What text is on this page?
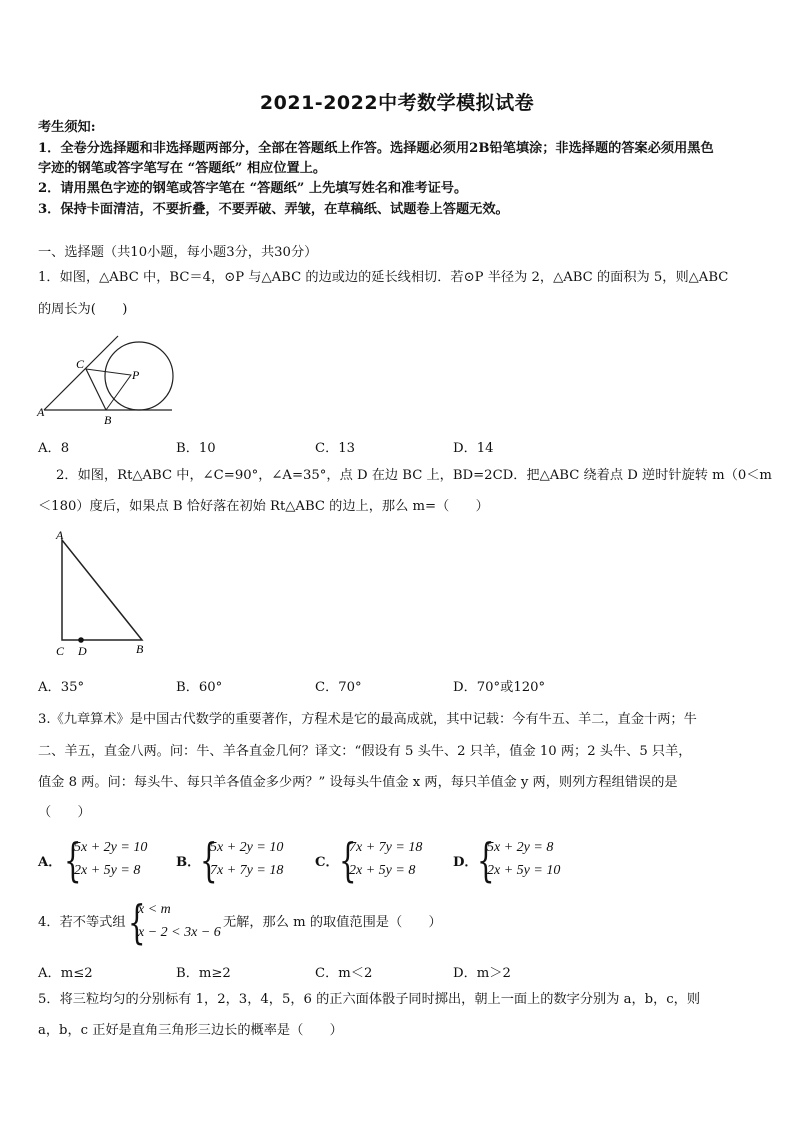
2021-2022中考数学模拟试卷
考生须知:
1．全卷分选择题和非选择题两部分，全部在答题纸上作答。选择题必须用2B铅笔填涂；非选择题的答案必须用黑色
字迹的钢笔或答字笔写在 “答题纸” 相应位置上。
2．请用黑色字迹的钢笔或答字笔在 “答题纸” 上先填写姓名和准考证号。
3．保持卡面清洁，不要折叠，不要弄破、弄皱，在草稿纸、试题卷上答题无效。
一、选择题（共10小题，每小题3分，共30分）
1．如图，△ABC 中，BC＝4，⊙P 与△ABC 的边或边的延长线相切．若⊙P 半径为 2，△ABC 的面积为 5，则△ABC
的周长为(　　)
A
C
P
B
A．8	B．10	C．13	D．14
2．如图，Rt△ABC 中，∠C=90°，∠A=35°，点 D 在边 BC 上，BD=2CD．把△ABC 绕着点 D 逆时针旋转 m（0＜m
＜180）度后，如果点 B 恰好落在初始 Rt△ABC 的边上，那么 m=（　　）
A
C D	B
A．35°	B．60°	C．70°	D．70°或120°
3.《九章算术》是中国古代数学的重要著作，方程术是它的最高成就，其中记载：今有牛五、羊二，直金十两；牛
二、羊五，直金八两。问：牛、羊各直金几何？译文：“假设有 5 头牛、2 只羊，值金 10 两；2 头牛、5 只羊，
值金 8 两。问：每头牛、每只羊各值金多少两？” 设每头牛值金 x 两，每只羊值金 y 两，则列方程组错误的是
（　　）
A． {
5x + 2y = 10
2x + 5y = 8
B． {
5x + 2y = 10
7x + 7y = 18
C． {
7x + 7y = 18
2x + 5y = 8
D． {
5x + 2y = 8
2x + 5y = 10
4．若不等式组 {
x < m
x − 2 < 3x − 6
无解，那么 m 的取值范围是（　　）
A．m≤2	B．m≥2	C．m＜2	D．m＞2
5．将三粒均匀的分别标有 1，2，3，4，5，6 的正六面体骰子同时掷出，朝上一面上的数字分别为 a，b，c，则
a，b，c 正好是直角三角形三边长的概率是（　　）
